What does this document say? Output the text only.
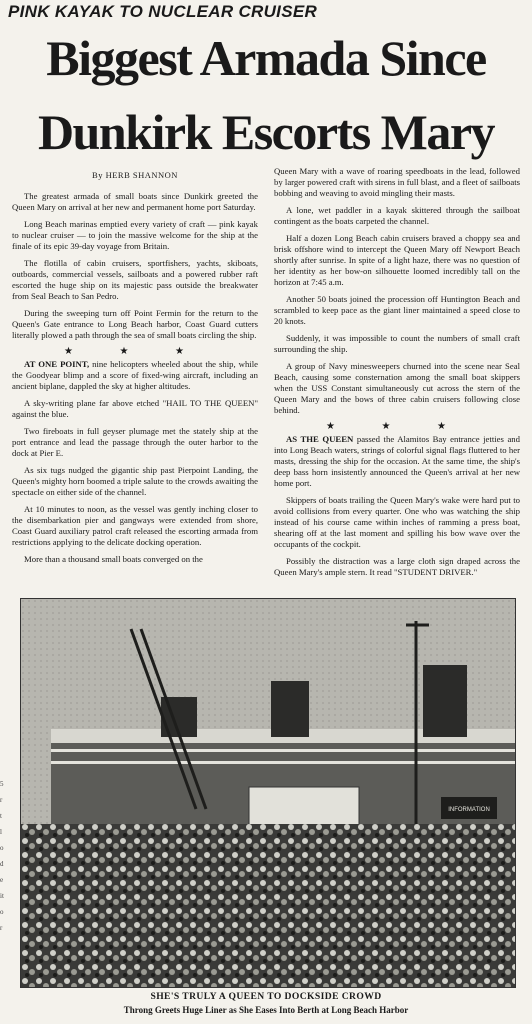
PINK KAYAK TO NUCLEAR CRUISER
Biggest Armada Since
Dunkirk Escorts Mary
By HERB SHANNON

The greatest armada of small boats since Dunkirk greeted the Queen Mary on arrival at her new and permanent home port Saturday.

Long Beach marinas emptied every variety of craft — pink kayak to nuclear cruiser — to join the massive welcome for the ship at the finale of its epic 39-day voyage from Britain.

The flotilla of cabin cruisers, sportfishers, yachts, skiboats, outboards, commercial vessels, sailboats and a powered rubber raft escorted the huge ship on its majestic pass outside the breakwater from Seal Beach to San Pedro.

During the sweeping turn off Point Fermin for the return to the Queen's Gate entrance to Long Beach harbor, Coast Guard cutters literally plowed a path through the sea of small boats circling the ship.

★ ★ ★

AT ONE POINT, nine helicopters wheeled about the ship, while the Goodyear blimp and a score of fixed-wing aircraft, including an ancient biplane, dappled the sky at higher altitudes.

A sky-writing plane far above etched "HAIL TO THE QUEEN" against the blue.

Two fireboats in full geyser plumage met the stately ship at the port entrance and lead the passage through the outer harbor to the dock at Pier E.

As six tugs nudged the gigantic ship past Pierpoint Landing, the Queen's mighty horn boomed a triple salute to the crowds awaiting the spectacle on either side of the channel.

At 10 minutes to noon, as the vessel was gently inching closer to the disembarkation pier and gangways were extended from shore, Coast Guard auxiliary patrol craft released the escorting armada from restrictions applying to the delicate docking operation.

More than a thousand small boats converged on the

Queen Mary with a wave of roaring speedboats in the lead, followed by larger powered craft with sirens in full blast, and a fleet of sailboats bobbing and weaving to avoid mingling their masts.

A lone, wet paddler in a kayak skittered through the sailboat contingent as the boats carpeted the channel.

Half a dozen Long Beach cabin cruisers braved a choppy sea and brisk offshore wind to intercept the Queen Mary off Newport Beach shortly after sunrise. In spite of a light haze, there was no question of her identity as her bow-on silhouette loomed incredibly tall on the horizon at 7:45 a.m.

Another 50 boats joined the procession off Huntington Beach and scrambled to keep pace as the giant liner maintained a speed close to 20 knots.

Suddenly, it was impossible to count the numbers of small craft surrounding the ship.

A group of Navy minesweepers churned into the scene near Seal Beach, causing some consternation among the small boat skippers when the USS Constant simultaneously cut across the stern of the Queen Mary and the bows of three cabin cruisers following close behind.

★ ★ ★

AS THE QUEEN passed the Alamitos Bay entrance jetties and into Long Beach waters, strings of colorful signal flags fluttered to her masts, dressing the ship for the occasion. At the same time, the ship's deep bass horn insistently announced the Queen's arrival at her new home port.

Skippers of boats trailing the Queen Mary's wake were hard put to avoid collisions from every quarter. One who was watching the ship instead of his course came within inches of ramming a press boat, shearing off at the last moment and spilling his bow wave over the occupants of the cockpit.

Possibly the distraction was a large cloth sign draped across the Queen Mary's ample stern. It read "STUDENT DRIVER."

INFORMATION
SHE'S TRULY A QUEEN TO DOCKSIDE CROWD
Throng Greets Huge Liner as She Eases Into Berth at Long Beach Harbor
5
r
t
l
o
d
e
it
o
r
